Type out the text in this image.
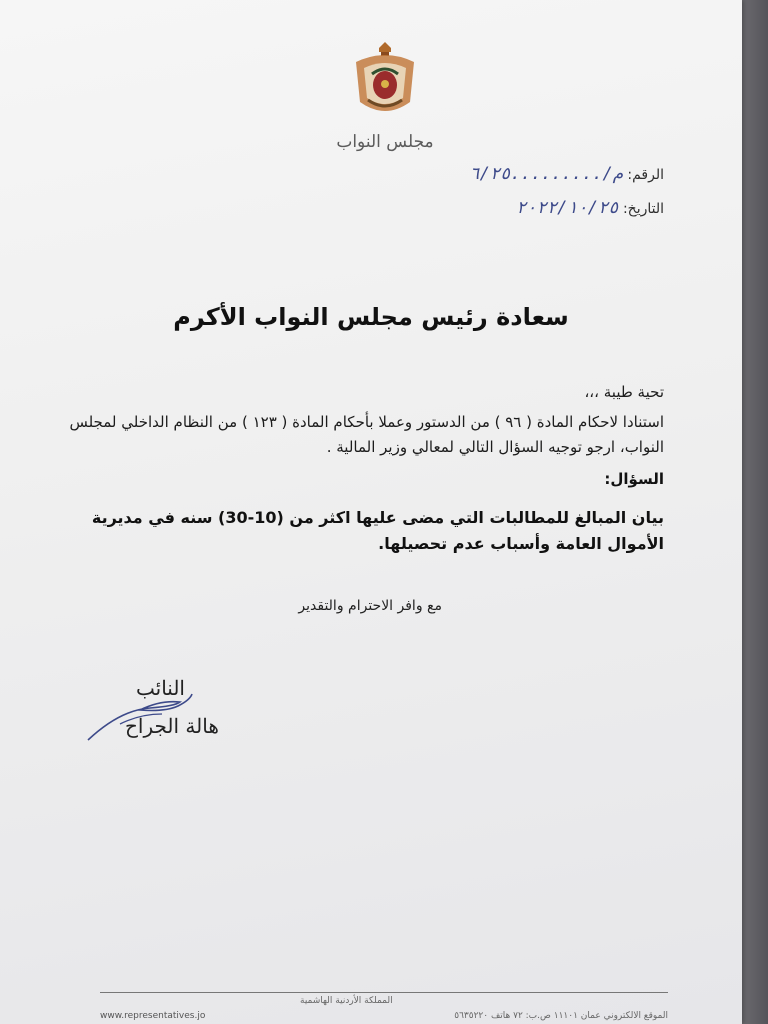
مجلس النواب
الرقم: م/.........٦/٢٥
التاريخ: ٢٠٢٢/١٠/٢٥
سعادة رئيس مجلس النواب الأكرم
تحية طيبة ،،،
استنادا لاحكام المادة ( ٩٦ ) من الدستور وعملا بأحكام المادة ( ١٢٣ ) من النظام الداخلي لمجلس النواب، ارجو توجيه السؤال التالي لمعالي وزير المالية .
السؤال:
بيان المبالغ للمطالبات التي مضى عليها اكثر من (10-30) سنه في مديرية الأموال العامة وأسباب عدم تحصيلها.
مع وافر الاحترام والتقدير
النائب
هالة الجراح
المملكة الأردنية الهاشمية
www.representatives.jo	الموقع الالكتروني عمان ١١١٠١ ص.ب: ٧٢ هاتف ٥٦٣٥٢٢٠
